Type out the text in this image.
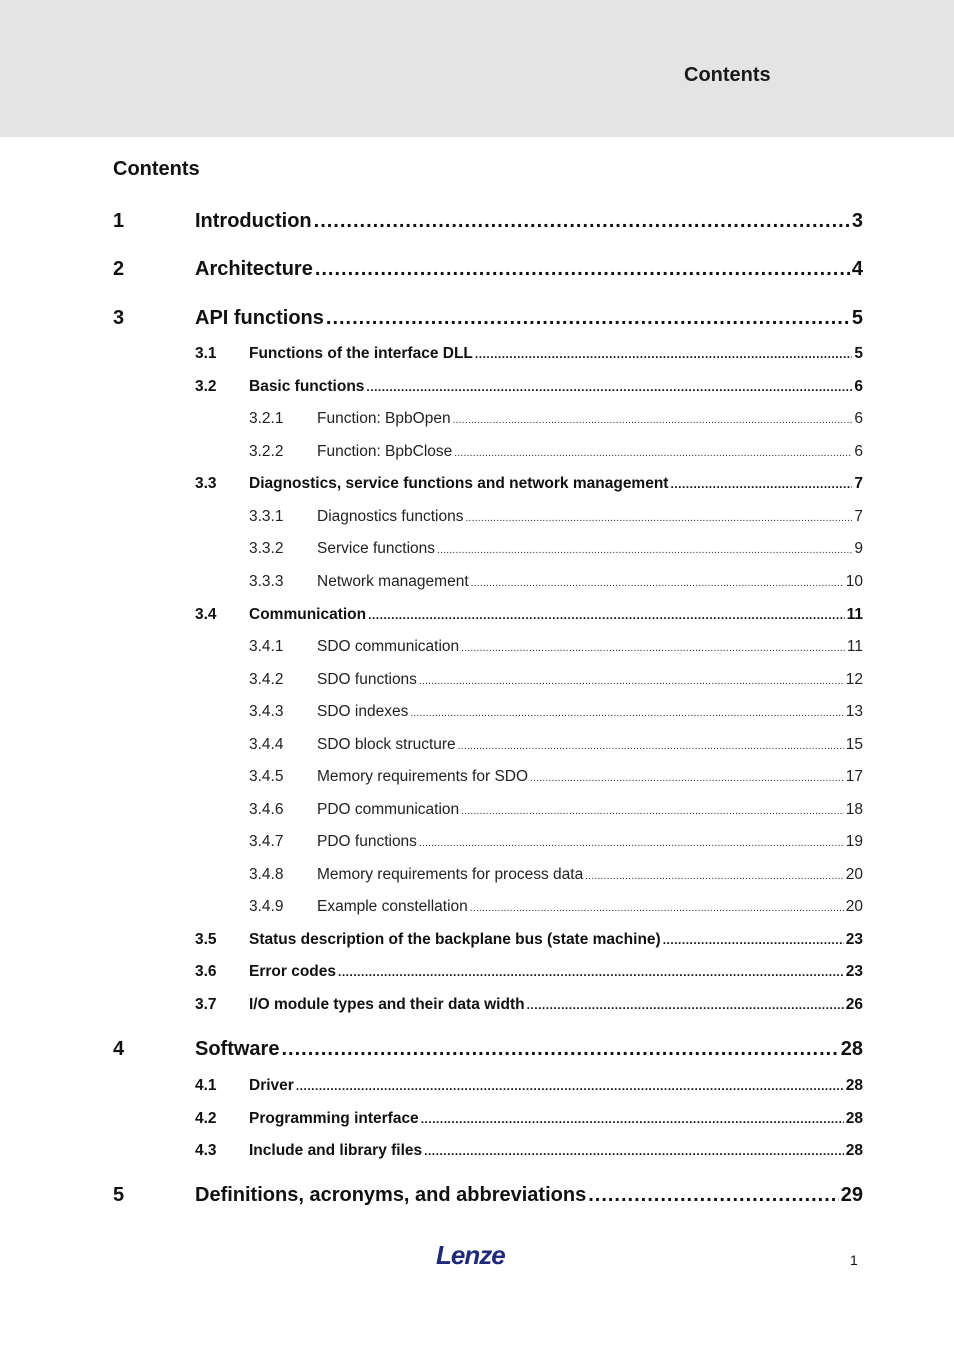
Contents
Contents
1	Introduction .....	3
2	Architecture .....	4
3	API functions .....	5
3.1 Functions of the interface DLL .....	5
3.2 Basic functions .....	6
3.2.1 Function: BpbOpen .....	6
3.2.2 Function: BpbClose .....	6
3.3 Diagnostics, service functions and network management .....	7
3.3.1 Diagnostics functions .....	7
3.3.2 Service functions .....	9
3.3.3 Network management .....	10
3.4 Communication .....	11
3.4.1 SDO communication .....	11
3.4.2 SDO functions .....	12
3.4.3 SDO indexes .....	13
3.4.4 SDO block structure .....	15
3.4.5 Memory requirements for SDO .....	17
3.4.6 PDO communication .....	18
3.4.7 PDO functions .....	19
3.4.8 Memory requirements for process data .....	20
3.4.9 Example constellation .....	20
3.5 Status description of the backplane bus (state machine) .....	23
3.6 Error codes .....	23
3.7 I/O module types and their data width .....	26
4	Software .....	28
4.1 Driver .....	28
4.2 Programming interface .....	28
4.3 Include and library files .....	28
5	Definitions, acronyms, and abbreviations .....	29
Lenze	1
